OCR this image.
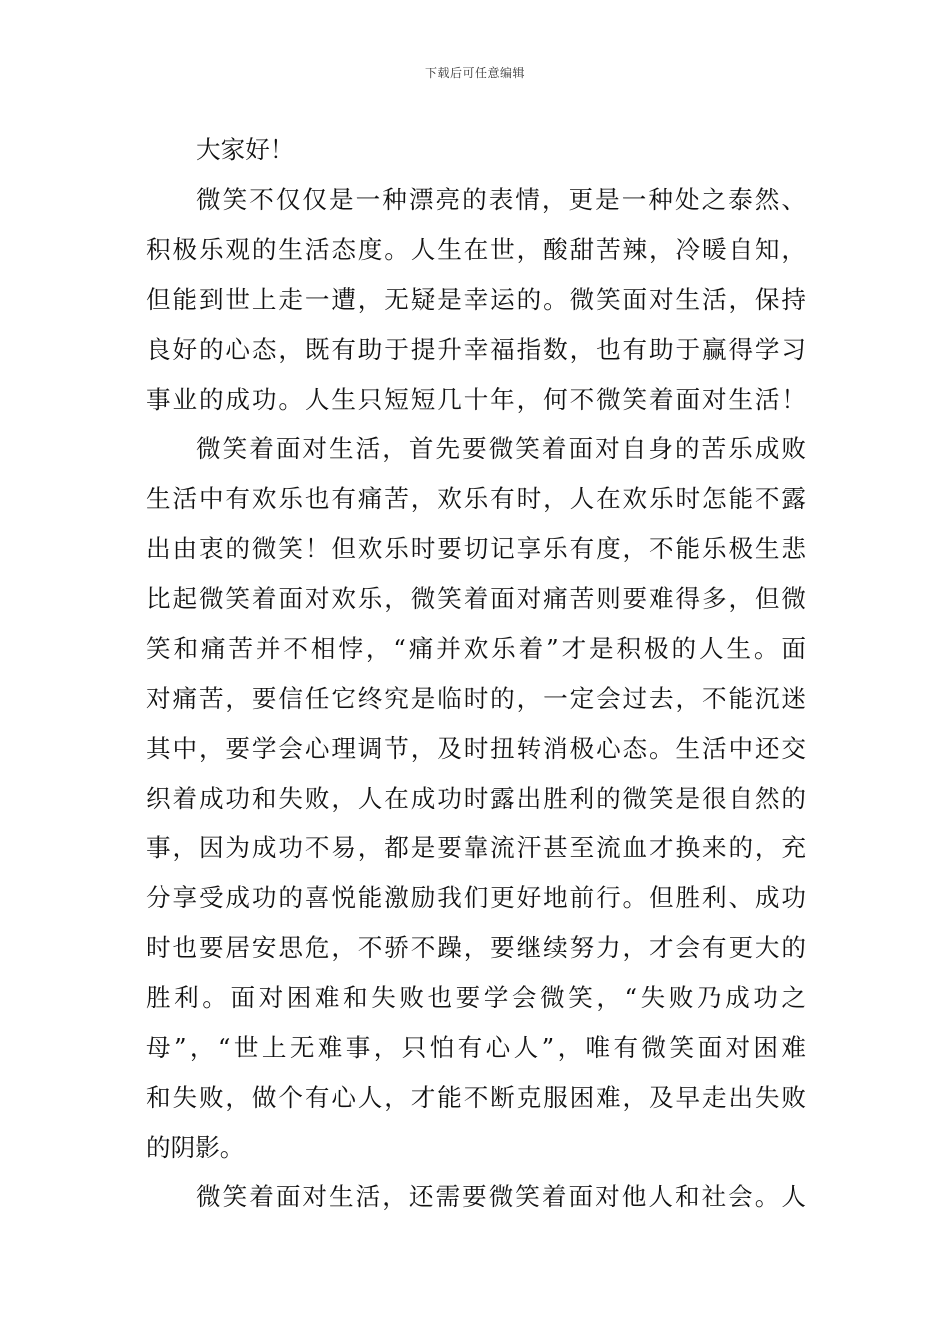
下载后可任意编辑

大家好！

微笑不仅仅是一种漂亮的表情，更是一种处之泰然、

积极乐观的生活态度。人生在世，酸甜苦辣，冷暖自知，

但能到世上走一遭，无疑是幸运的。微笑面对生活，保持

良好的心态，既有助于提升幸福指数，也有助于赢得学习

事业的成功。人生只短短几十年，何不微笑着面对生活！

微笑着面对生活，首先要微笑着面对自身的苦乐成败

生活中有欢乐也有痛苦，欢乐有时，人在欢乐时怎能不露

出由衷的微笑！但欢乐时要切记享乐有度，不能乐极生悲

比起微笑着面对欢乐，微笑着面对痛苦则要难得多，但微

笑和痛苦并不相悖，“痛并欢乐着”才是积极的人生。面

对痛苦，要信任它终究是临时的，一定会过去，不能沉迷

其中，要学会心理调节，及时扭转消极心态。生活中还交

织着成功和失败，人在成功时露出胜利的微笑是很自然的

事，因为成功不易，都是要靠流汗甚至流血才换来的，充

分享受成功的喜悦能激励我们更好地前行。但胜利、成功

时也要居安思危，不骄不躁，要继续努力，才会有更大的

胜利。面对困难和失败也要学会微笑，“失败乃成功之

母”，“世上无难事，只怕有心人”，唯有微笑面对困难

和失败，做个有心人，才能不断克服困难，及早走出失败

的阴影。

微笑着面对生活，还需要微笑着面对他人和社会。人
